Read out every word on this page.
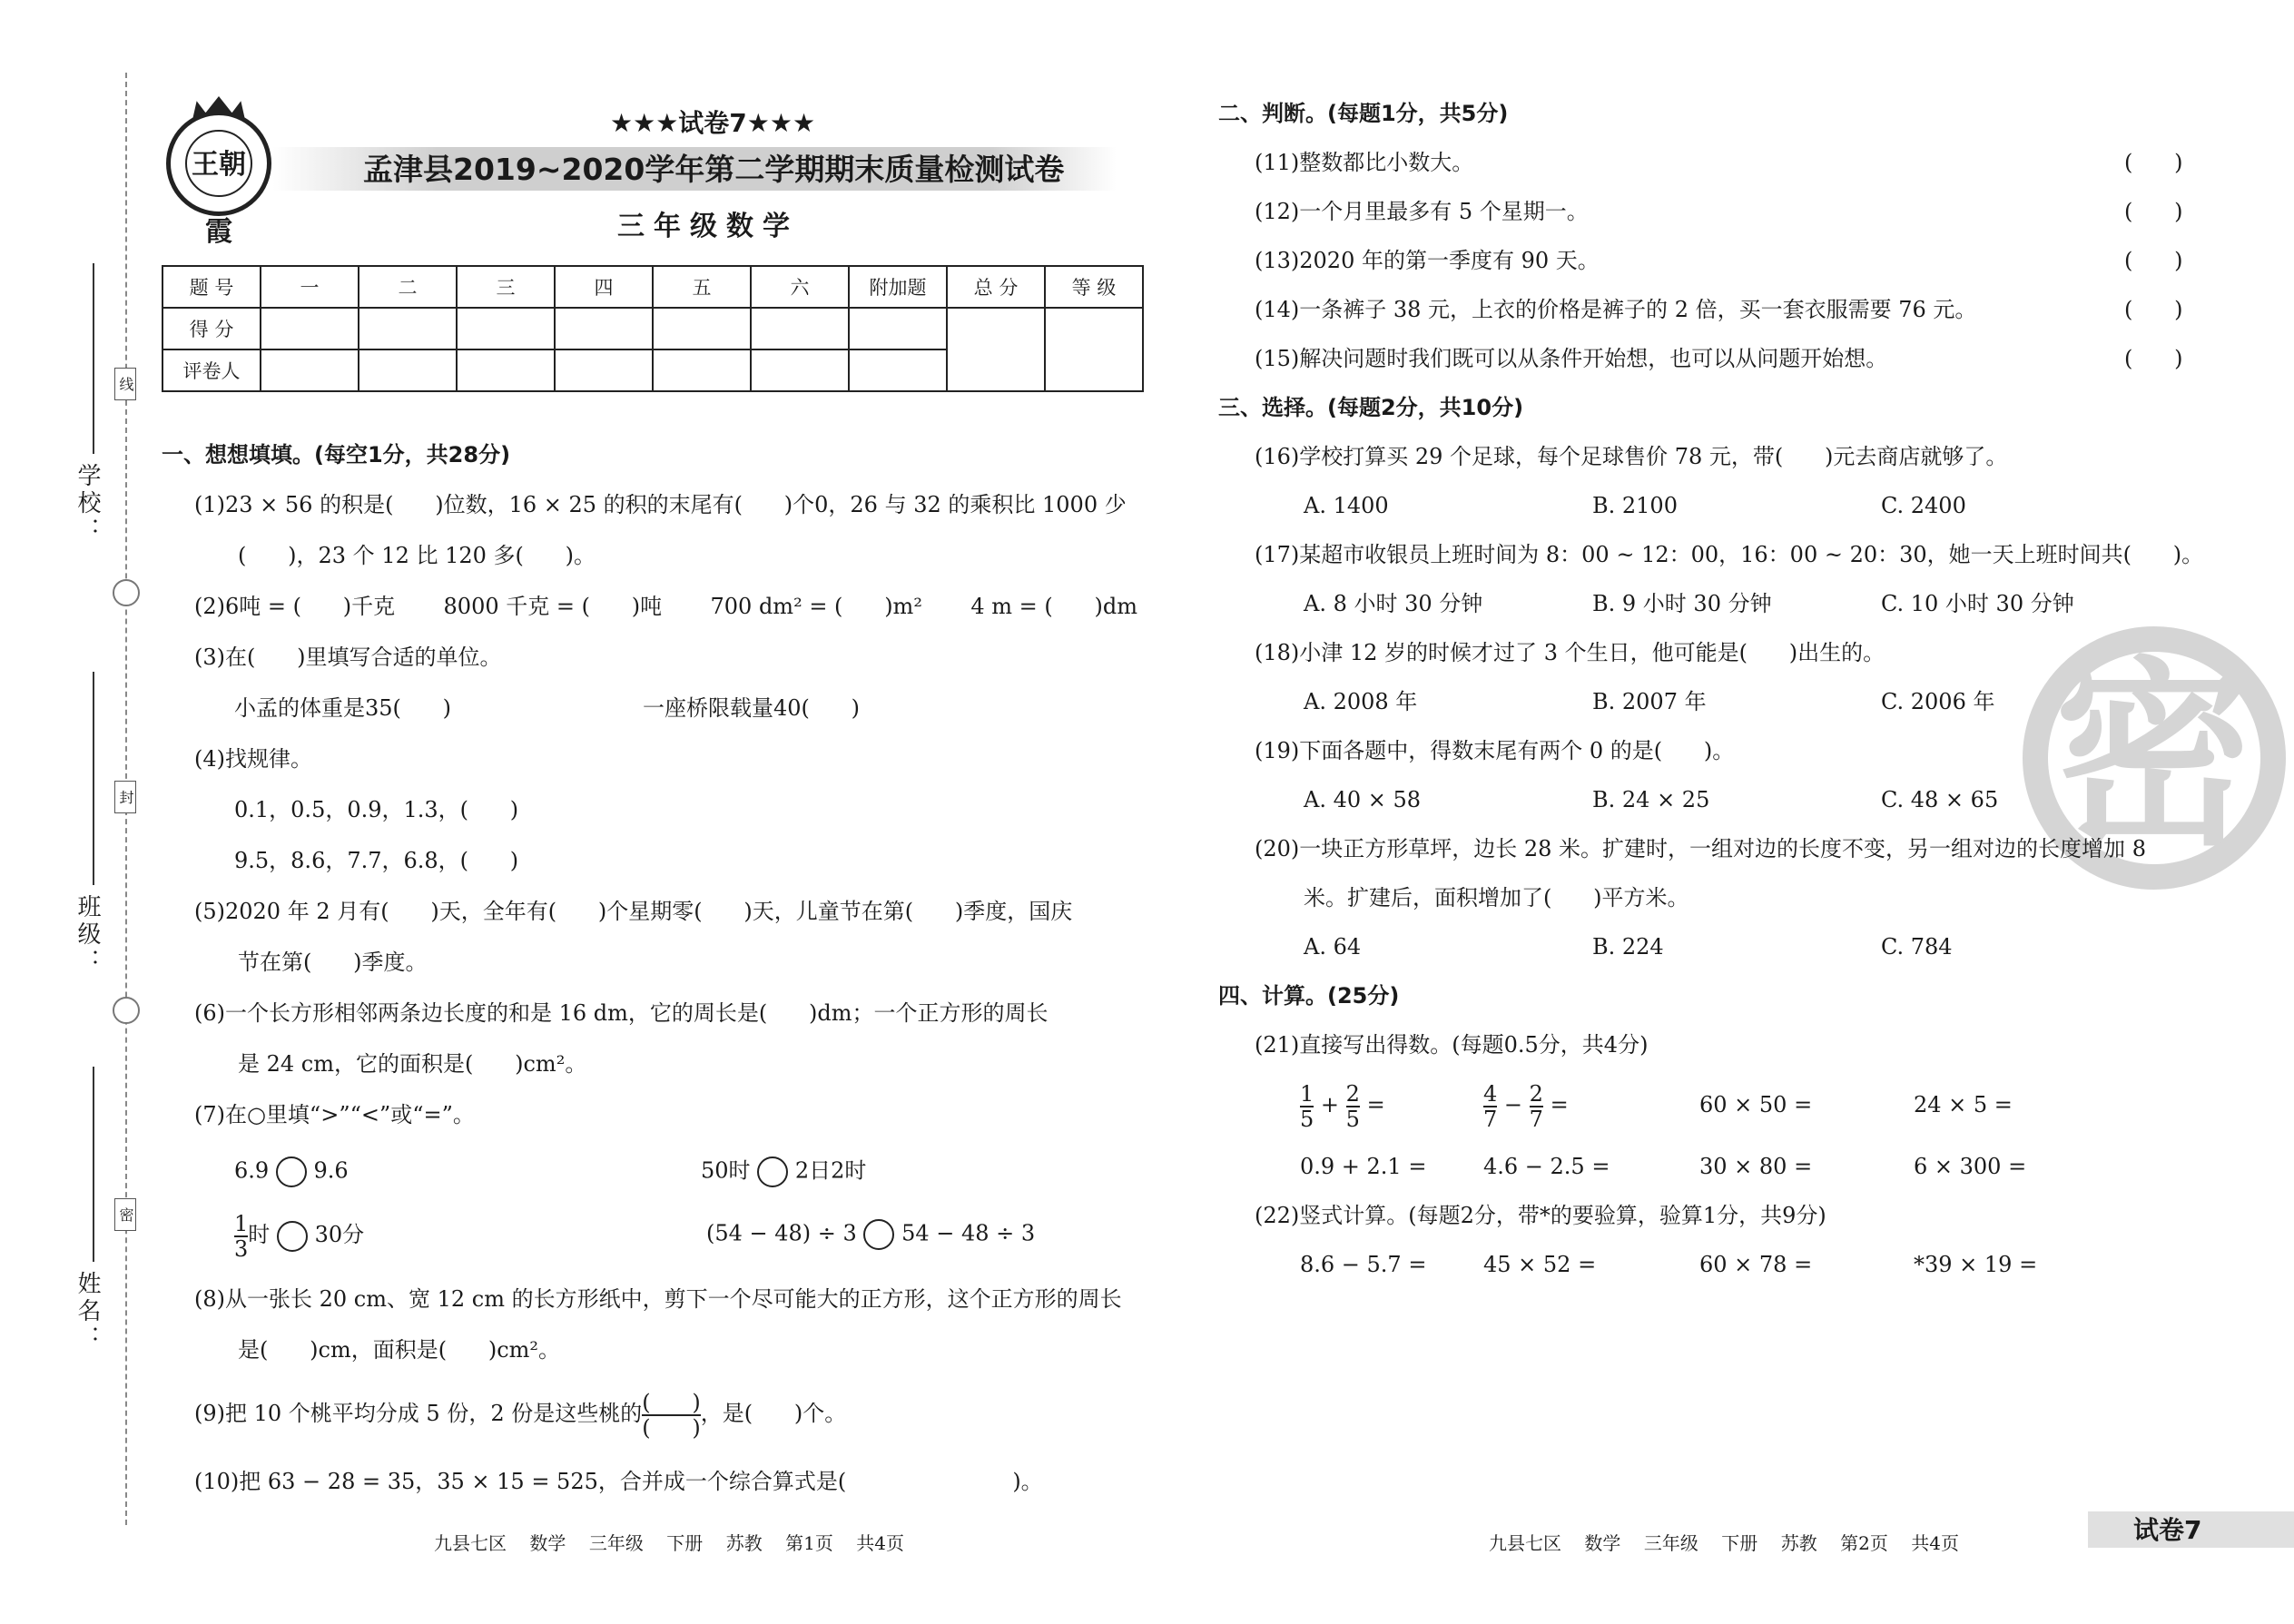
学校：
班级：
姓名：
线
封
密
王朝霞
★★★试卷7★★★
孟津县2019~2020学年第二学期期末质量检测试卷
三年级数学
题 号	一	二	三	四	五	六	附加题	总 分	等 级
得 分									
评卷人									
一、想想填填。(每空1分，共28分)
(1)23 × 56 的积是(      )位数，16 × 25 的积的末尾有(      )个0，26 与 32 的乘积比 1000 少
(      )，23 个 12 比 120 多(      )。
(2)6吨 = (      )千克       8000 千克 = (      )吨       700 dm² = (      )m²       4 m = (      )dm
(3)在(      )里填写合适的单位。
小孟的体重是35(      )	一座桥限载量40(      )
(4)找规律。
0.1，0.5，0.9，1.3，(      )
9.5，8.6，7.7，6.8，(      )
(5)2020 年 2 月有(      )天，全年有(      )个星期零(      )天，儿童节在第(      )季度，国庆
节在第(      )季度。
(6)一个长方形相邻两条边长度的和是 16 dm，它的周长是(      )dm；一个正方形的周长
是 24 cm，它的面积是(      )cm²。
(7)在○里填“>”“<”或“=”。
6.9 9.6	50时 2日2时
$\frac{1}{3}$ 时 30分	(54 − 48) ÷ 3 54 − 48 ÷ 3
(8)从一张长 20 cm、宽 12 cm 的长方形纸中，剪下一个尽可能大的正方形，这个正方形的周长
是(      )cm，面积是(      )cm²。
(9)把 10 个桃平均分成 5 份，2 份是这些桃的 $\frac{( )}{( )}$ ，是(      )个。
(10)把 63 − 28 = 35，35 × 15 = 525，合并成一个综合算式是(                        )。
九县七区    数学    三年级    下册    苏教    第1页    共4页
密
二、判断。(每题1分，共5分)
(11)整数都比小数大。	(      )
(12)一个月里最多有 5 个星期一。	(      )
(13)2020 年的第一季度有 90 天。	(      )
(14)一条裤子 38 元，上衣的价格是裤子的 2 倍，买一套衣服需要 76 元。	(      )
(15)解决问题时我们既可以从条件开始想，也可以从问题开始想。	(      )
三、选择。(每题2分，共10分)
(16)学校打算买 29 个足球，每个足球售价 78 元，带(      )元去商店就够了。
A. 1400	B. 2100	C. 2400
(17)某超市收银员上班时间为 8：00 ~ 12：00，16：00 ~ 20：30，她一天上班时间共(      )。
A. 8 小时 30 分钟	B. 9 小时 30 分钟	C. 10 小时 30 分钟
(18)小津 12 岁的时候才过了 3 个生日，他可能是(      )出生的。
A. 2008 年	B. 2007 年	C. 2006 年
(19)下面各题中，得数末尾有两个 0 的是(      )。
A. 40 × 58	B. 24 × 25	C. 48 × 65
(20)一块正方形草坪，边长 28 米。扩建时，一组对边的长度不变，另一组对边的长度增加 8
米。扩建后，面积增加了(      )平方米。
A. 64	B. 224	C. 784
四、计算。(25分)
(21)直接写出得数。(每题0.5分，共4分)
$\frac{1}{5} + \frac{2}{5}$ =	$\frac{4}{7} - \frac{2}{7}$ =	60 × 50 =	24 × 5 =
0.9 + 2.1 =	4.6 − 2.5 =	30 × 80 =	6 × 300 =
(22)竖式计算。(每题2分，带*的要验算，验算1分，共9分)
8.6 − 5.7 =	45 × 52 =	60 × 78 =	*39 × 19 =
九县七区    数学    三年级    下册    苏教    第2页    共4页	试卷7
